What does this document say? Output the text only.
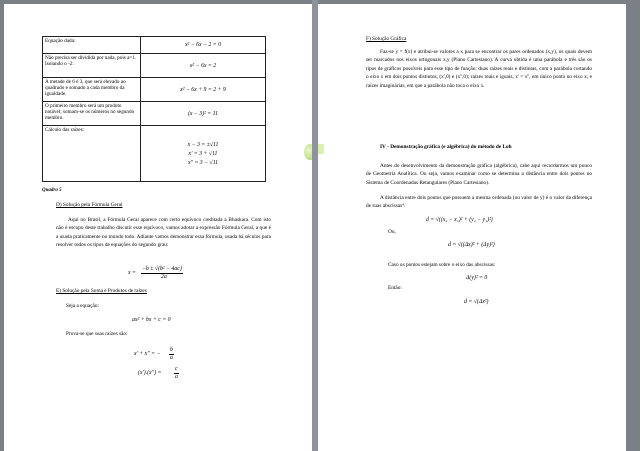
Equação dada:	x² − 6x − 2 = 0
Não precisa ser dividida por nada, pois a=1. Isolando o -2:	x² − 6x = 2
A metade de 6 é 3, que será elevado ao quadrado e somado a cada membro da igualdade.	x² − 6x + 9 = 2 + 9
O primeiro membro será um produto notável; somam-se os números no segundo membro.	(x − 3)² = 11
Cálculo das raízes:	x − 3 = ±√11
x' = 3 + √11
x'' = 3 − √11
Quadro 5
D) Solução pela Fórmula Geral
Aqui no Brasil, a Fórmula Geral aparece com certo equívoco creditada a Bhaskara. Com isto não é escopo deste trabalho discutir esse equívoco, vamos adotar a expressão Fórmula Geral, a que é a usada praticamente no mundo todo. Adiante vamos demonstrar essa fórmula, usada há séculos para resolver todos os tipos de equações do segundo grau:
x =
−b ± √(b² − 4ac)
2a
E) Solução pela Soma e Produtos de raízes
Seja a equação:
ax² + bx + c = 0
Prova-se que suas raízes são:
x' + x'' = −
b
a
(x').(x'') =
c
a
F) Solução Gráfica
Faz-se y = f(x) e atribui-se valores a x para se encontrar os pares ordenados (x,y), os quais devem ser marcados nos eixos ortogonais x,y (Plano Cartesiano). A curva obtida é uma parábola e três são os tipos de gráficos possíveis para esse tipo de função: duas raízes reais e distintas, com a parábola cortando o eixo x em dois pontos distintos, (x',0) e (x'',0); raízes reais e iguais, x' = x'', em único ponto no eixo x; e raízes imaginárias, em que a parábola não toca o eixo x.
IV - Demonstração gráfica (e algébrica) do método de Loh
Antes do desenvolvimento da demonstração gráfica (algébrica), cabe aqui recordarmos um pouco de Geometria Analítica. Ou seja, vamos examinar como se determina a distância entre dois pontos no Sistema de Coordenadas Retangulares (Plano Cartesiano).
A distância entre dois pontos que possuem a mesma ordenada (ou valor de y) é o valor da diferença de suas abscissas⁴.
d = √((x₂ − x₁)² + (y₂ − y₁)²)
Ou,
d = √((Δx)² + (Δy)²)
Caso os pontos estejam sobre o eixo das abscissas:
Δ(y)² = 0
Então:
d = √(Δx²)
